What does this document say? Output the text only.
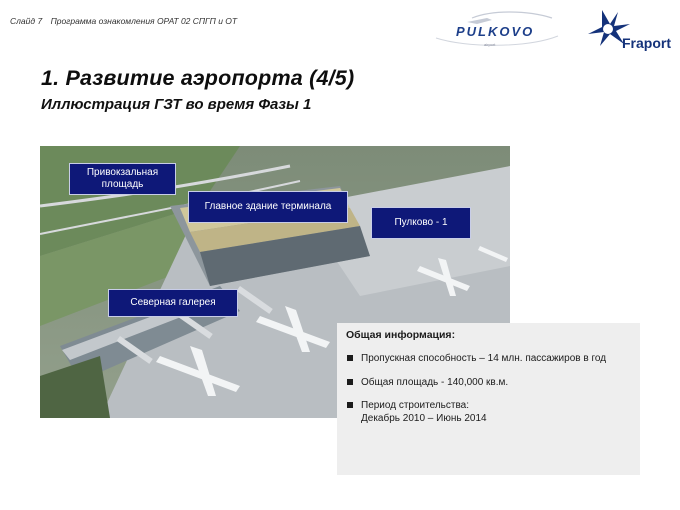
Слайд 7 Программа ознакомления ОРАТ 02 СПГП и ОТ
PULKOVO
airport	Fraport
1. Развитие аэропорта (4/5)
Иллюстрация ГЗТ во время Фазы 1
Привокзальная площадь
Главное здание терминала
Пулково - 1
Северная галерея
Общая информация:
Пропускная способность – 14 млн. пассажиров в год
Общая площадь - 140,000 кв.м.
Период строительства:
Декабрь 2010 – Июнь 2014
